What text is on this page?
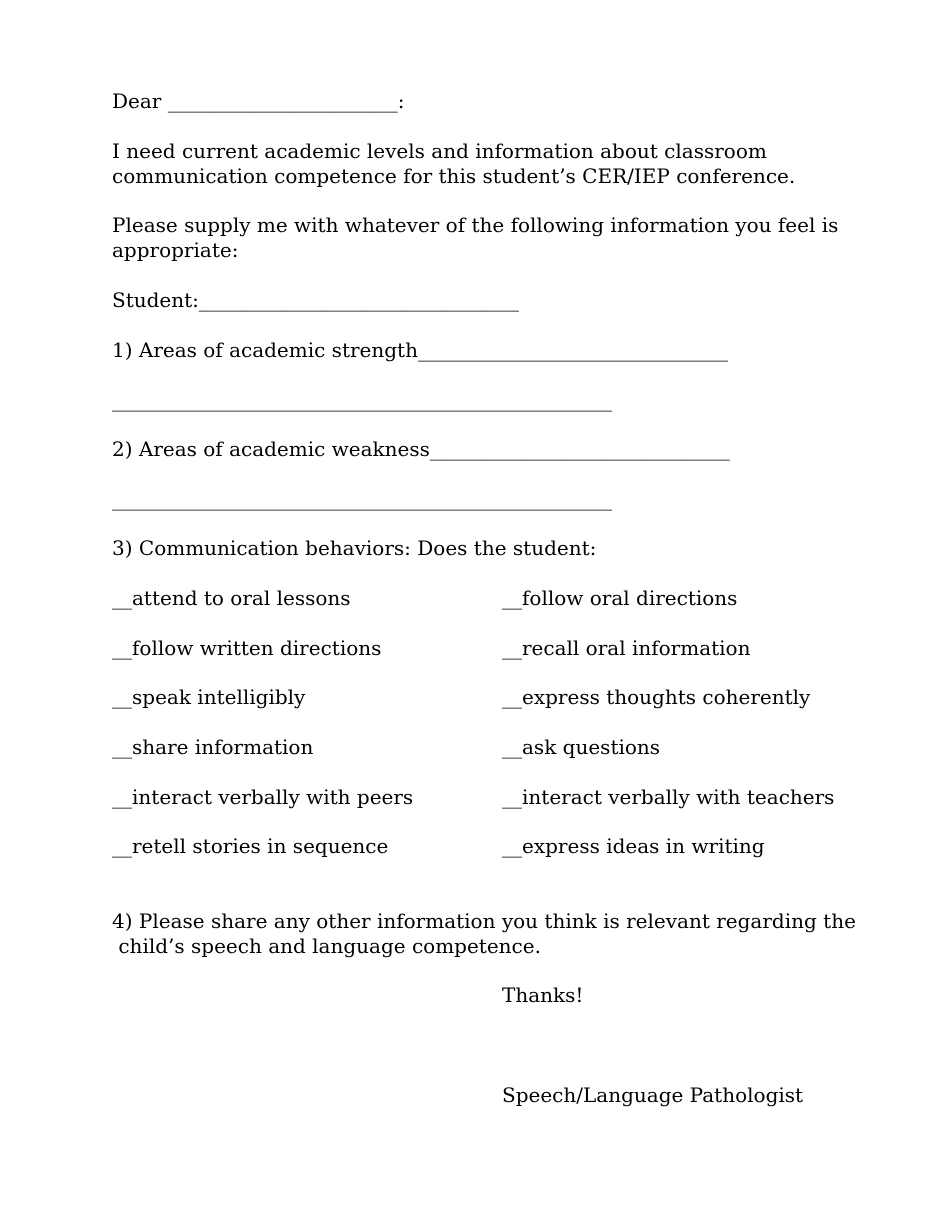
Dear _______________________:
I need current academic levels and information about classroom
communication competence for this student’s CER/IEP conference.
Please supply me with whatever of the following information you feel is
appropriate:
Student:________________________________
1) Areas of academic strength_______________________________
__________________________________________________
2) Areas of academic weakness______________________________
__________________________________________________
3) Communication behaviors: Does the student:
__attend to oral lessons	__follow oral directions
__follow written directions	__recall oral information
__speak intelligibly	__express thoughts coherently
__share information	__ask questions
__interact verbally with peers	__interact verbally with teachers
__retell stories in sequence	__express ideas in writing
4) Please share any other information you think is relevant regarding the
child’s speech and language competence.
Thanks!
Speech/Language Pathologist
